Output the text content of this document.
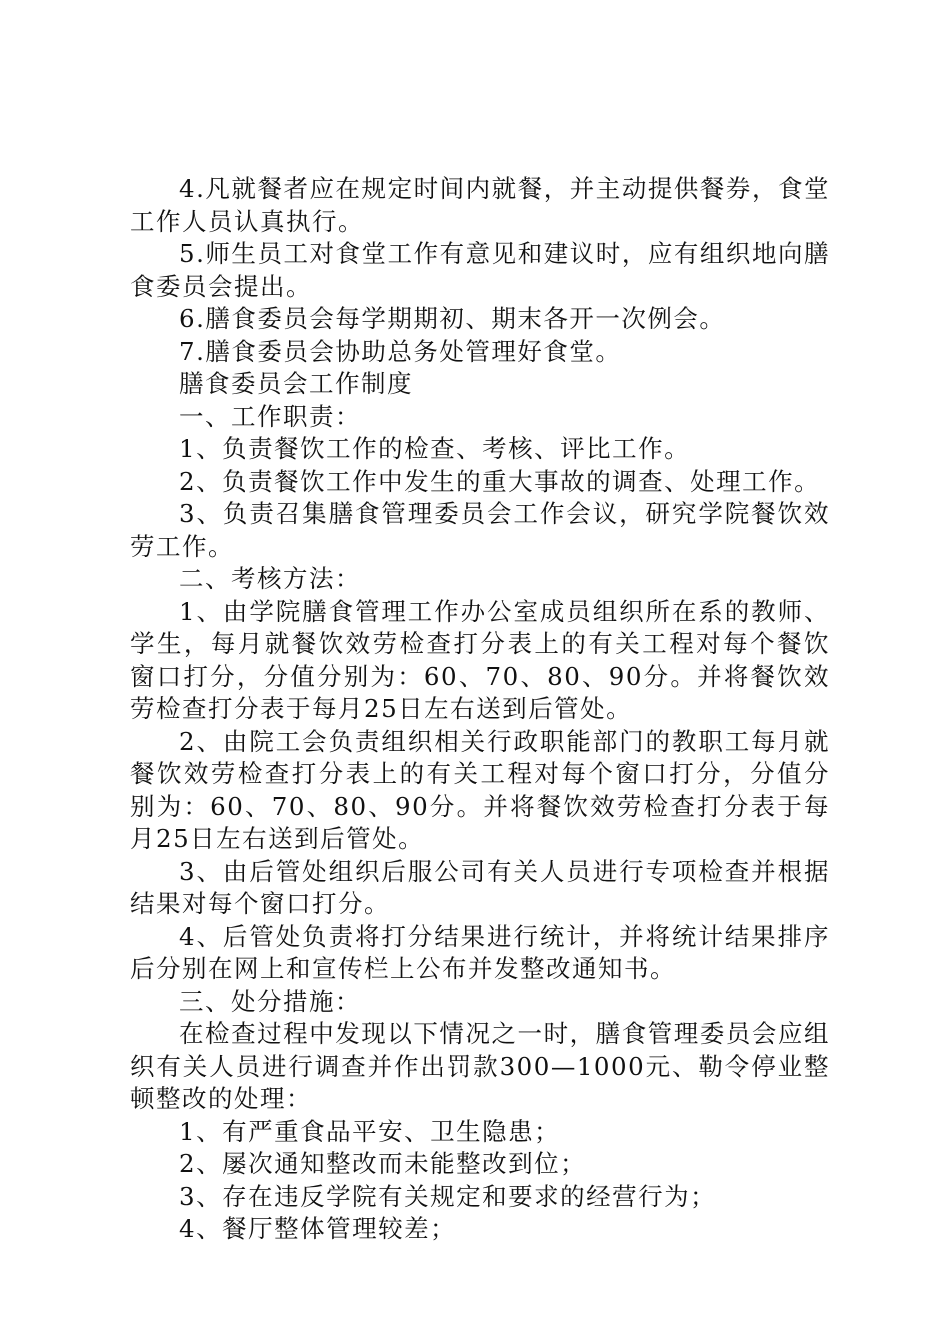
4.凡就餐者应在规定时间内就餐，并主动提供餐券，食堂工作人员认真执行。

5.师生员工对食堂工作有意见和建议时，应有组织地向膳食委员会提出。

6.膳食委员会每学期期初、期末各开一次例会。

7.膳食委员会协助总务处管理好食堂。

膳食委员会工作制度

一、工作职责：

1、负责餐饮工作的检查、考核、评比工作。

2、负责餐饮工作中发生的重大事故的调查、处理工作。

3、负责召集膳食管理委员会工作会议，研究学院餐饮效劳工作。

二、考核方法：

1、由学院膳食管理工作办公室成员组织所在系的教师、学生，每月就餐饮效劳检查打分表上的有关工程对每个餐饮窗口打分，分值分别为：60、70、80、90分。并将餐饮效劳检查打分表于每月25日左右送到后管处。

2、由院工会负责组织相关行政职能部门的教职工每月就餐饮效劳检查打分表上的有关工程对每个窗口打分，分值分别为：60、70、80、90分。并将餐饮效劳检查打分表于每月25日左右送到后管处。

3、由后管处组织后服公司有关人员进行专项检查并根据结果对每个窗口打分。

4、后管处负责将打分结果进行统计，并将统计结果排序后分别在网上和宣传栏上公布并发整改通知书。

三、处分措施：

在检查过程中发现以下情况之一时，膳食管理委员会应组织有关人员进行调查并作出罚款300—1000元、勒令停业整顿整改的处理：

1、有严重食品平安、卫生隐患；

2、屡次通知整改而未能整改到位；

3、存在违反学院有关规定和要求的经营行为；

4、餐厅整体管理较差；
